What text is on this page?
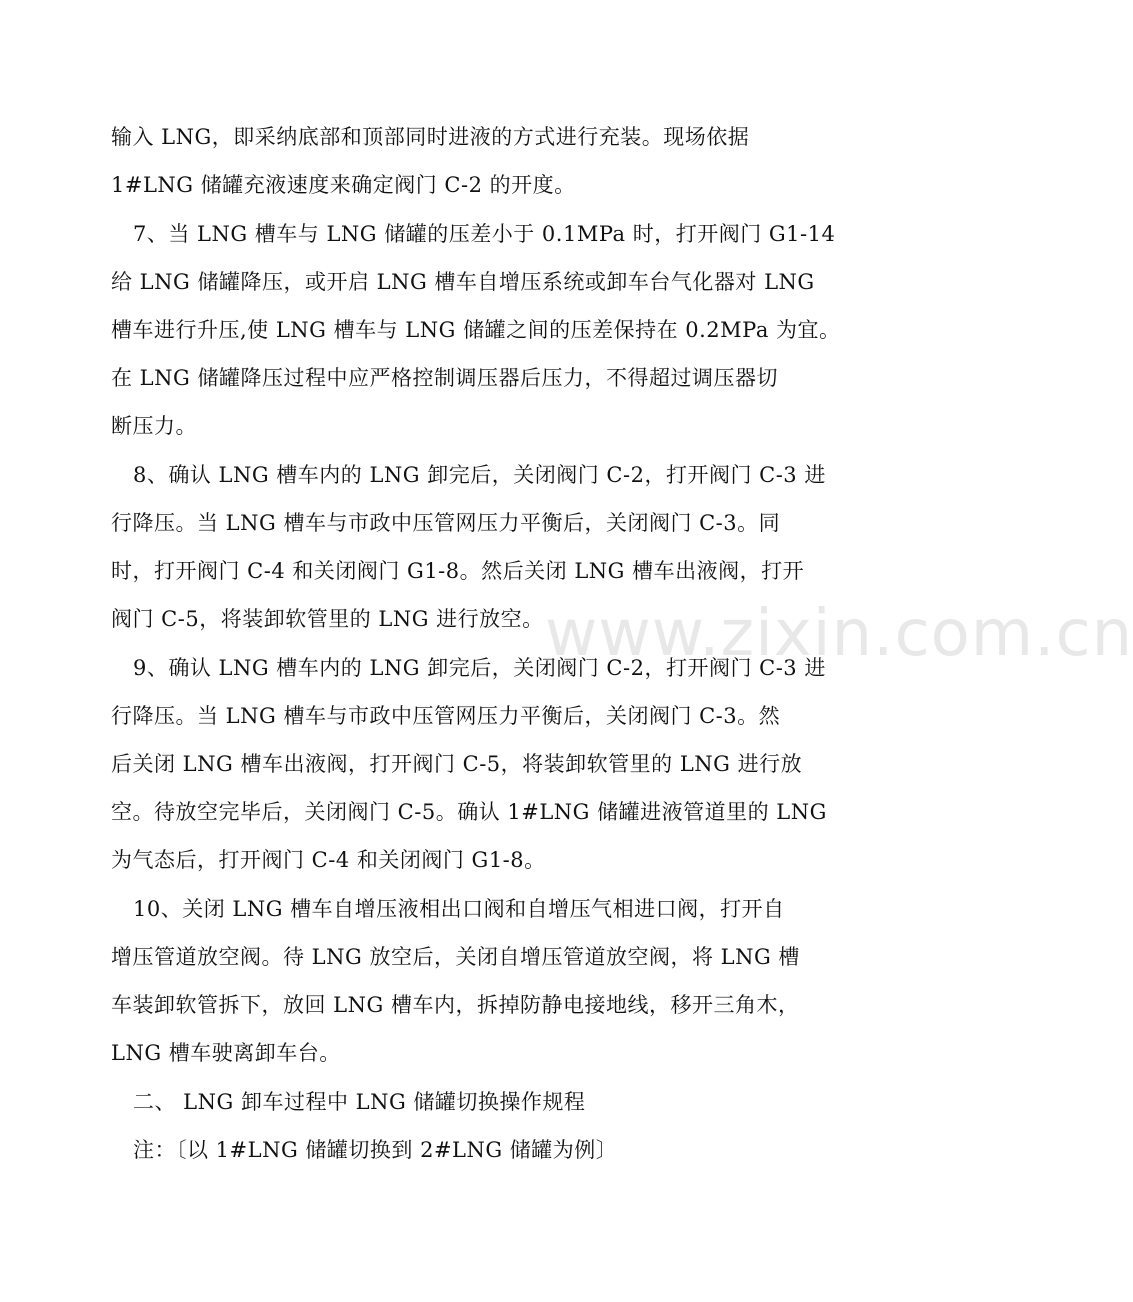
输入 LNG，即采纳底部和顶部同时进液的方式进行充装。现场依据
1#LNG 储罐充液速度来确定阀门 C-2 的开度。
7、当 LNG 槽车与 LNG 储罐的压差小于 0.1MPa 时，打开阀门 G1-14
给 LNG 储罐降压，或开启 LNG 槽车自增压系统或卸车台气化器对 LNG
槽车进行升压,使 LNG 槽车与 LNG 储罐之间的压差保持在 0.2MPa 为宜。
在 LNG 储罐降压过程中应严格控制调压器后压力，不得超过调压器切
断压力。
8、确认 LNG 槽车内的 LNG 卸完后，关闭阀门 C-2，打开阀门 C-3 进
行降压。当 LNG 槽车与市政中压管网压力平衡后，关闭阀门 C-3。同
时，打开阀门 C-4 和关闭阀门 G1-8。然后关闭 LNG 槽车出液阀，打开
阀门 C-5，将装卸软管里的 LNG 进行放空。
9、确认 LNG 槽车内的 LNG 卸完后，关闭阀门 C-2，打开阀门 C-3 进
行降压。当 LNG 槽车与市政中压管网压力平衡后，关闭阀门 C-3。然
后关闭 LNG 槽车出液阀，打开阀门 C-5，将装卸软管里的 LNG 进行放
空。待放空完毕后，关闭阀门 C-5。确认 1#LNG 储罐进液管道里的 LNG
为气态后，打开阀门 C-4 和关闭阀门 G1-8。
10、关闭 LNG 槽车自增压液相出口阀和自增压气相进口阀，打开自
增压管道放空阀。待 LNG 放空后，关闭自增压管道放空阀，将 LNG 槽
车装卸软管拆下，放回 LNG 槽车内，拆掉防静电接地线，移开三角木，
LNG 槽车驶离卸车台。
二、 LNG 卸车过程中 LNG 储罐切换操作规程
注：〔以 1#LNG 储罐切换到 2#LNG 储罐为例〕
www.zixin.com.cn
